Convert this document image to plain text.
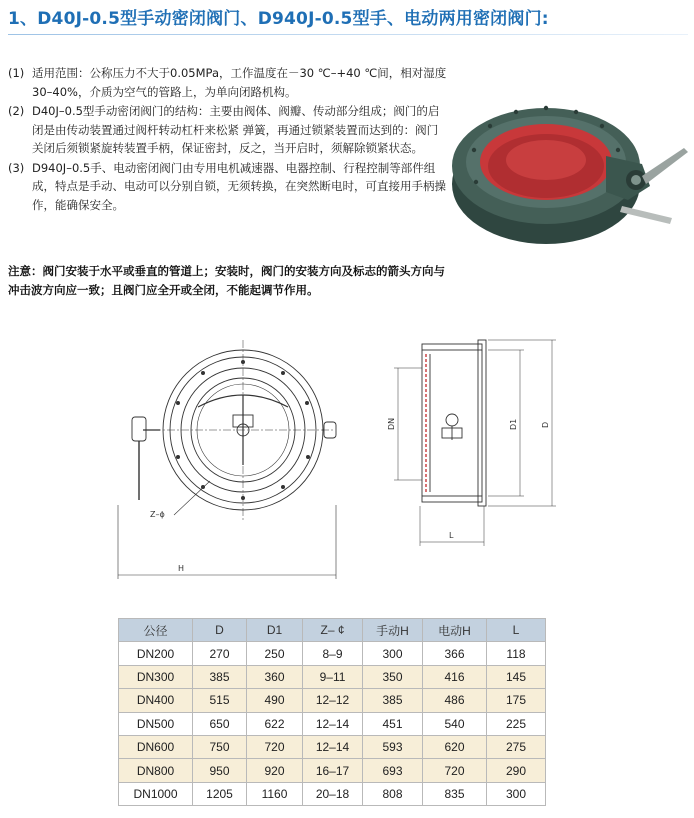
1、D40J-0.5型手动密闭阀门、D940J-0.5型手、电动两用密闭阀门:
(1) 适用范围：公称压力不大于0.05MPa，工作温度在－30 ℃–+40 ℃间，相对湿度30–40%，介质为空气的管路上，为单向闭路机构。
(2) D40J–0.5型手动密闭阀门的结构：主要由阀体、阀瓣、传动部分组成；阀门的启闭是由传动装置通过阀杆转动杠杆来松紧 弹簧，再通过锁紧装置而达到的：阀门关闭后须锁紧旋转装置手柄，保证密封，反之，当开启时，须解除锁紧状态。
(3) D940J–0.5手、电动密闭阀门由专用电机减速器、电器控制、行程控制等部件组成，特点是手动、电动可以分别自锁，无须转换，在突然断电时，可直接用手柄操作，能确保安全。
注意：阀门安装于水平或垂直的管道上；安装时，阀门的安装方向及标志的箭头方向与冲击波方向应一致；且阀门应全开或全闭，不能起调节作用。
Z–ϕ
H
DN	D1	D
L
公径	D	D1	Z– ¢	手动H	电动H	L
DN200	270	250	8–9	300	366	118
DN300	385	360	9–11	350	416	145
DN400	515	490	12–12	385	486	175
DN500	650	622	12–14	451	540	225
DN600	750	720	12–14	593	620	275
DN800	950	920	16–17	693	720	290
DN1000	1205	1160	20–18	808	835	300
